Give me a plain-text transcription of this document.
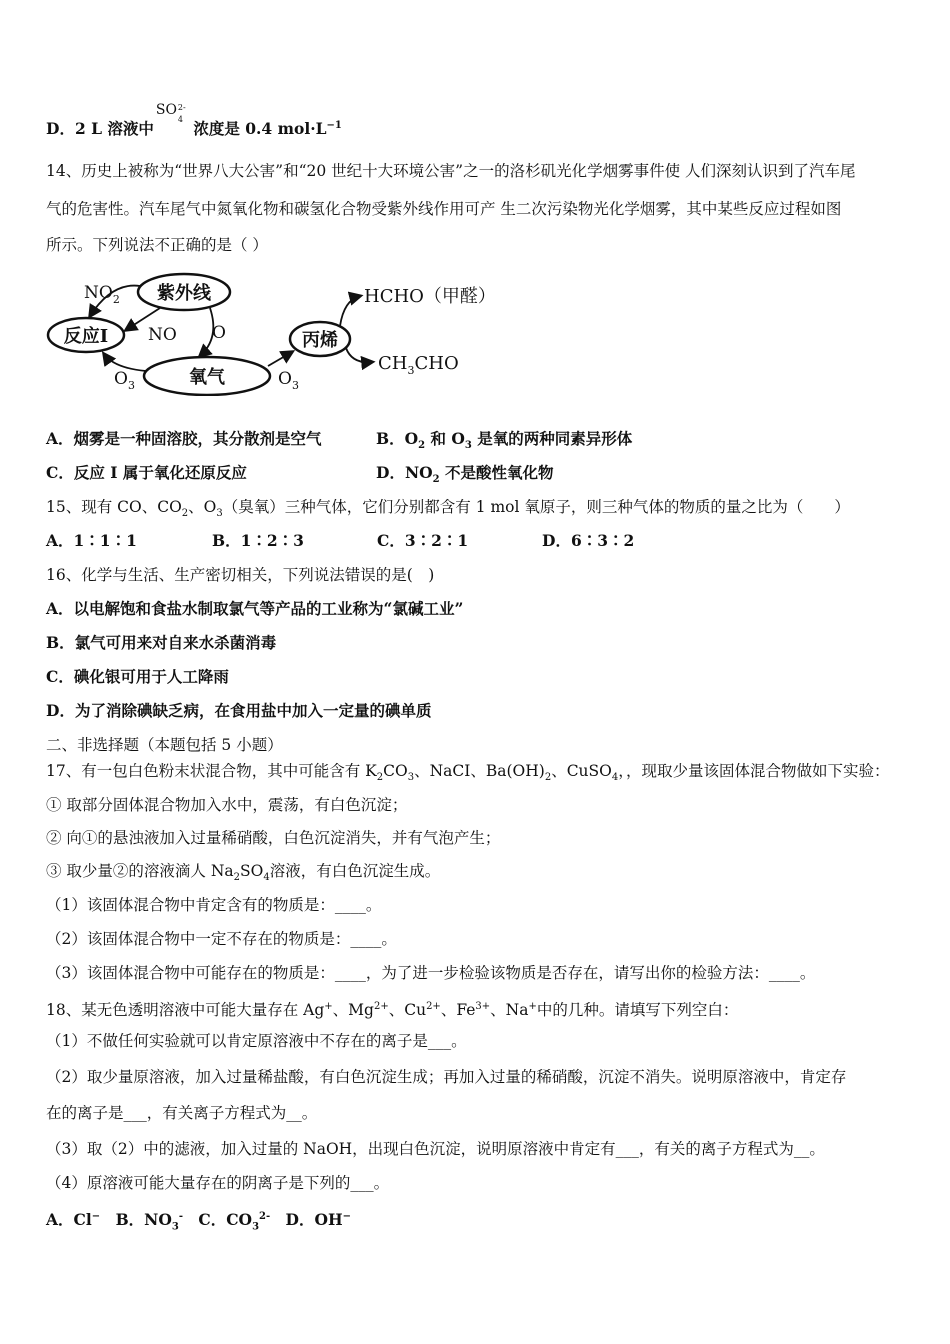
D．2 L 溶液中
SO 2-
4 浓度是 0.4 $mol\cdot L^{-1}$
14、历史上被称为“世界八大公害”和“20 世纪十大环境公害”之一的洛杉矶光化学烟雾事件使 人们深刻认识到了汽车尾
气的危害性。汽车尾气中氮氧化物和碳氢化合物受紫外线作用可产 生二次污染物光化学烟雾，其中某些反应过程如图
所示。下列说法不正确的是（ ）
紫外线
反应I
氧气
丙烯
$NO_2$
NO O
$O_3$	$O_3$
HCHO（甲醛）
$CH_3CHO$
A．烟雾是一种固溶胶，其分散剂是空气	B．$O_2$ 和 $O_3$ 是氧的两种同素异形体
C．反应 I 属于氧化还原反应	D．$NO_2$ 不是酸性氧化物
15、现有 CO、$CO_2$、$O_3$（臭氧）三种气体，它们分别都含有 1 mol 氧原子，则三种气体的物质的量之比为（　　）
A．1∶1∶1	B．1∶2∶3	C．3∶2∶1	D．6∶3∶2
16、化学与生活、生产密切相关，下列说法错误的是(　)
A．以电解饱和食盐水制取氯气等产品的工业称为“氯碱工业”
B．氯气可用来对自来水杀菌消毒
C．碘化银可用于人工降雨
D．为了消除碘缺乏病，在食用盐中加入一定量的碘单质
二、非选择题（本题包括 5 小题）
17、有一包白色粉末状混合物，其中可能含有 $K_2CO_3$、NaCI、$Ba(OH)_2$、CuSO$_4$，，现取少量该固体混合物做如下实验：
① 取部分固体混合物加入水中，震荡，有白色沉淀；
② 向①的悬浊液加入过量稀硝酸，白色沉淀消失，并有气泡产生；
③ 取少量②的溶液滴人 $Na_2SO_4$溶液，有白色沉淀生成。
（1）该固体混合物中肯定含有的物质是：____。
（2）该固体混合物中一定不存在的物质是：____。
（3）该固体混合物中可能存在的物质是：____，为了进一步检验该物质是否存在，请写出你的检验方法：____。
18、某无色透明溶液中可能大量存在 Ag+、$Mg^{2+}$、$Cu^{2+}$、$Fe^{3+}$、Na+中的几种。请填写下列空白：
（1）不做任何实验就可以肯定原溶液中不存在的离子是___。
（2）取少量原溶液，加入过量稀盐酸，有白色沉淀生成；再加入过量的稀硝酸，沉淀不消失。说明原溶液中，肯定存
在的离子是___，有关离子方程式为__。
（3）取（2）中的滤液，加入过量的 NaOH，出现白色沉淀，说明原溶液中肯定有___，有关的离子方程式为__。
（4）原溶液可能大量存在的阴离子是下列的___。
A．Cl− B．$NO_3^-$ C．$CO_3^{2-}$ D．OH−
